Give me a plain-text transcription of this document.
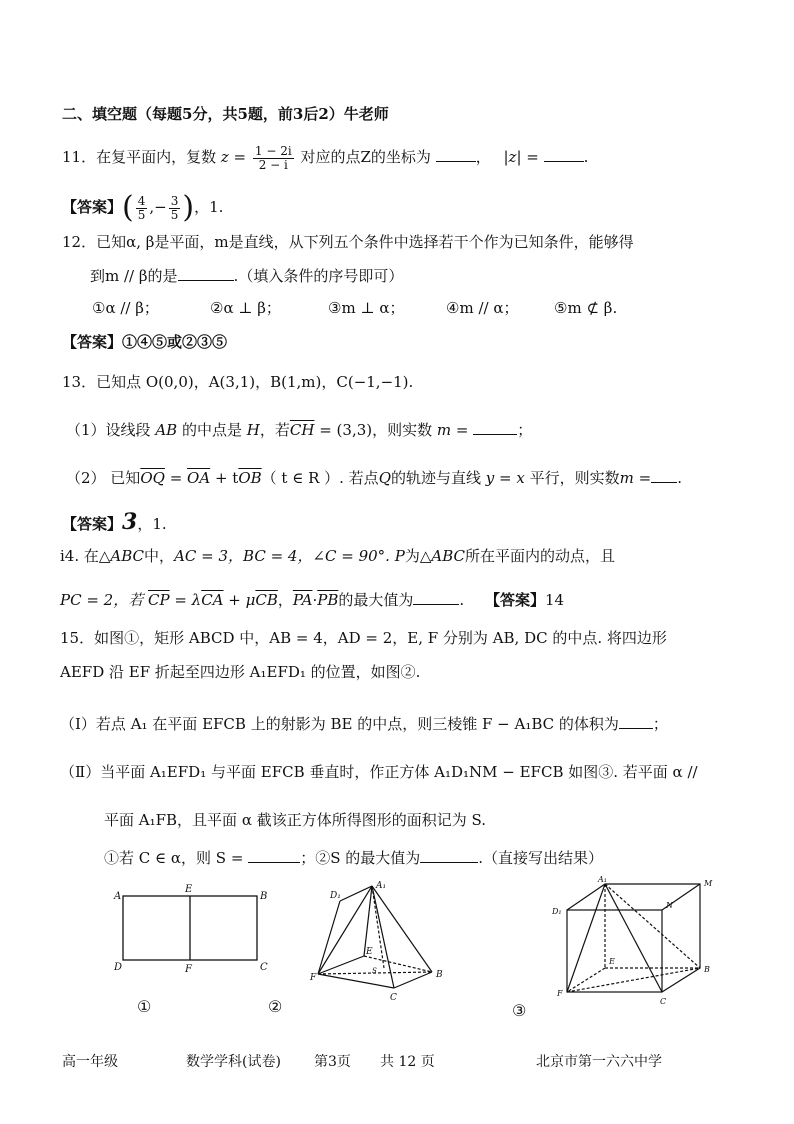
二、填空题（每题5分，共5题，前3后2）牛老师
11．在复平面内，复数 $z = \frac{1 - 2i}{2 - i}$ 对应的点Z的坐标为	， |z| =	.
【答案】( $\frac{4}{5}$ ,− $\frac{3}{5}$ )，1.
12．已知α, β是平面，m是直线，从下列五个条件中选择若干个作为已知条件，能够得
到m // β的是	.（填入条件的序号即可）
①α // β；	②α ⊥ β；	③m ⊥ α；	④m // α； ⑤m ⊄ β.
【答案】①④⑤或②③⑤
13．已知点 O(0,0)，A(3,1)，B(1,m)，C(−1,−1).
（1）设线段 AB 的中点是 H，若$\overline{CH} = (3,3)$，则实数 m =	；
（2） 已知$\overline{OQ} = \overline{OA} + t\overline{OB}$（ t ∈ R ）. 若点Q的轨迹与直线 y = x 平行，则实数m = .
【答案】3，1.
i4. 在△ABC中，AC = 3，BC = 4，∠C = 90°. P为△ABC所在平面内的动点，且
PC = 2，若 $\overline{CP} = \lambda\overline{CA} + \mu\overline{CB}$，$\overline{PA}\cdot\overline{PB}$的最大值为	. 【答案】14
15．如图①，矩形 ABCD 中，AB = 4，AD = 2，E, F 分别为 AB, DC 的中点. 将四边形
AEFD 沿 EF 折起至四边形 A₁EFD₁ 的位置，如图②.
（Ⅰ）若点 A₁ 在平面 EFCB 上的射影为 BE 的中点，则三棱锥 F − A₁BC 的体积为 ；
（Ⅱ）当平面 A₁EFD₁ 与平面 EFCB 垂直时，作正方体 A₁D₁NM − EFCB 如图③. 若平面 α //
平面 A₁FB，且平面 α 截该正方体所得图形的面积记为 S.
①若 C ∈ α，则 S =	；②S 的最大值为	.（直接写出结果）
A
E
B
D	F	C
①
D₁
A₁
E
F	B
C
S
②
A₁	M
D₁
N
E
F
B
C
③
高一年级	数学学科(试卷) 第3页 共 12 页	北京市第一六六中学
